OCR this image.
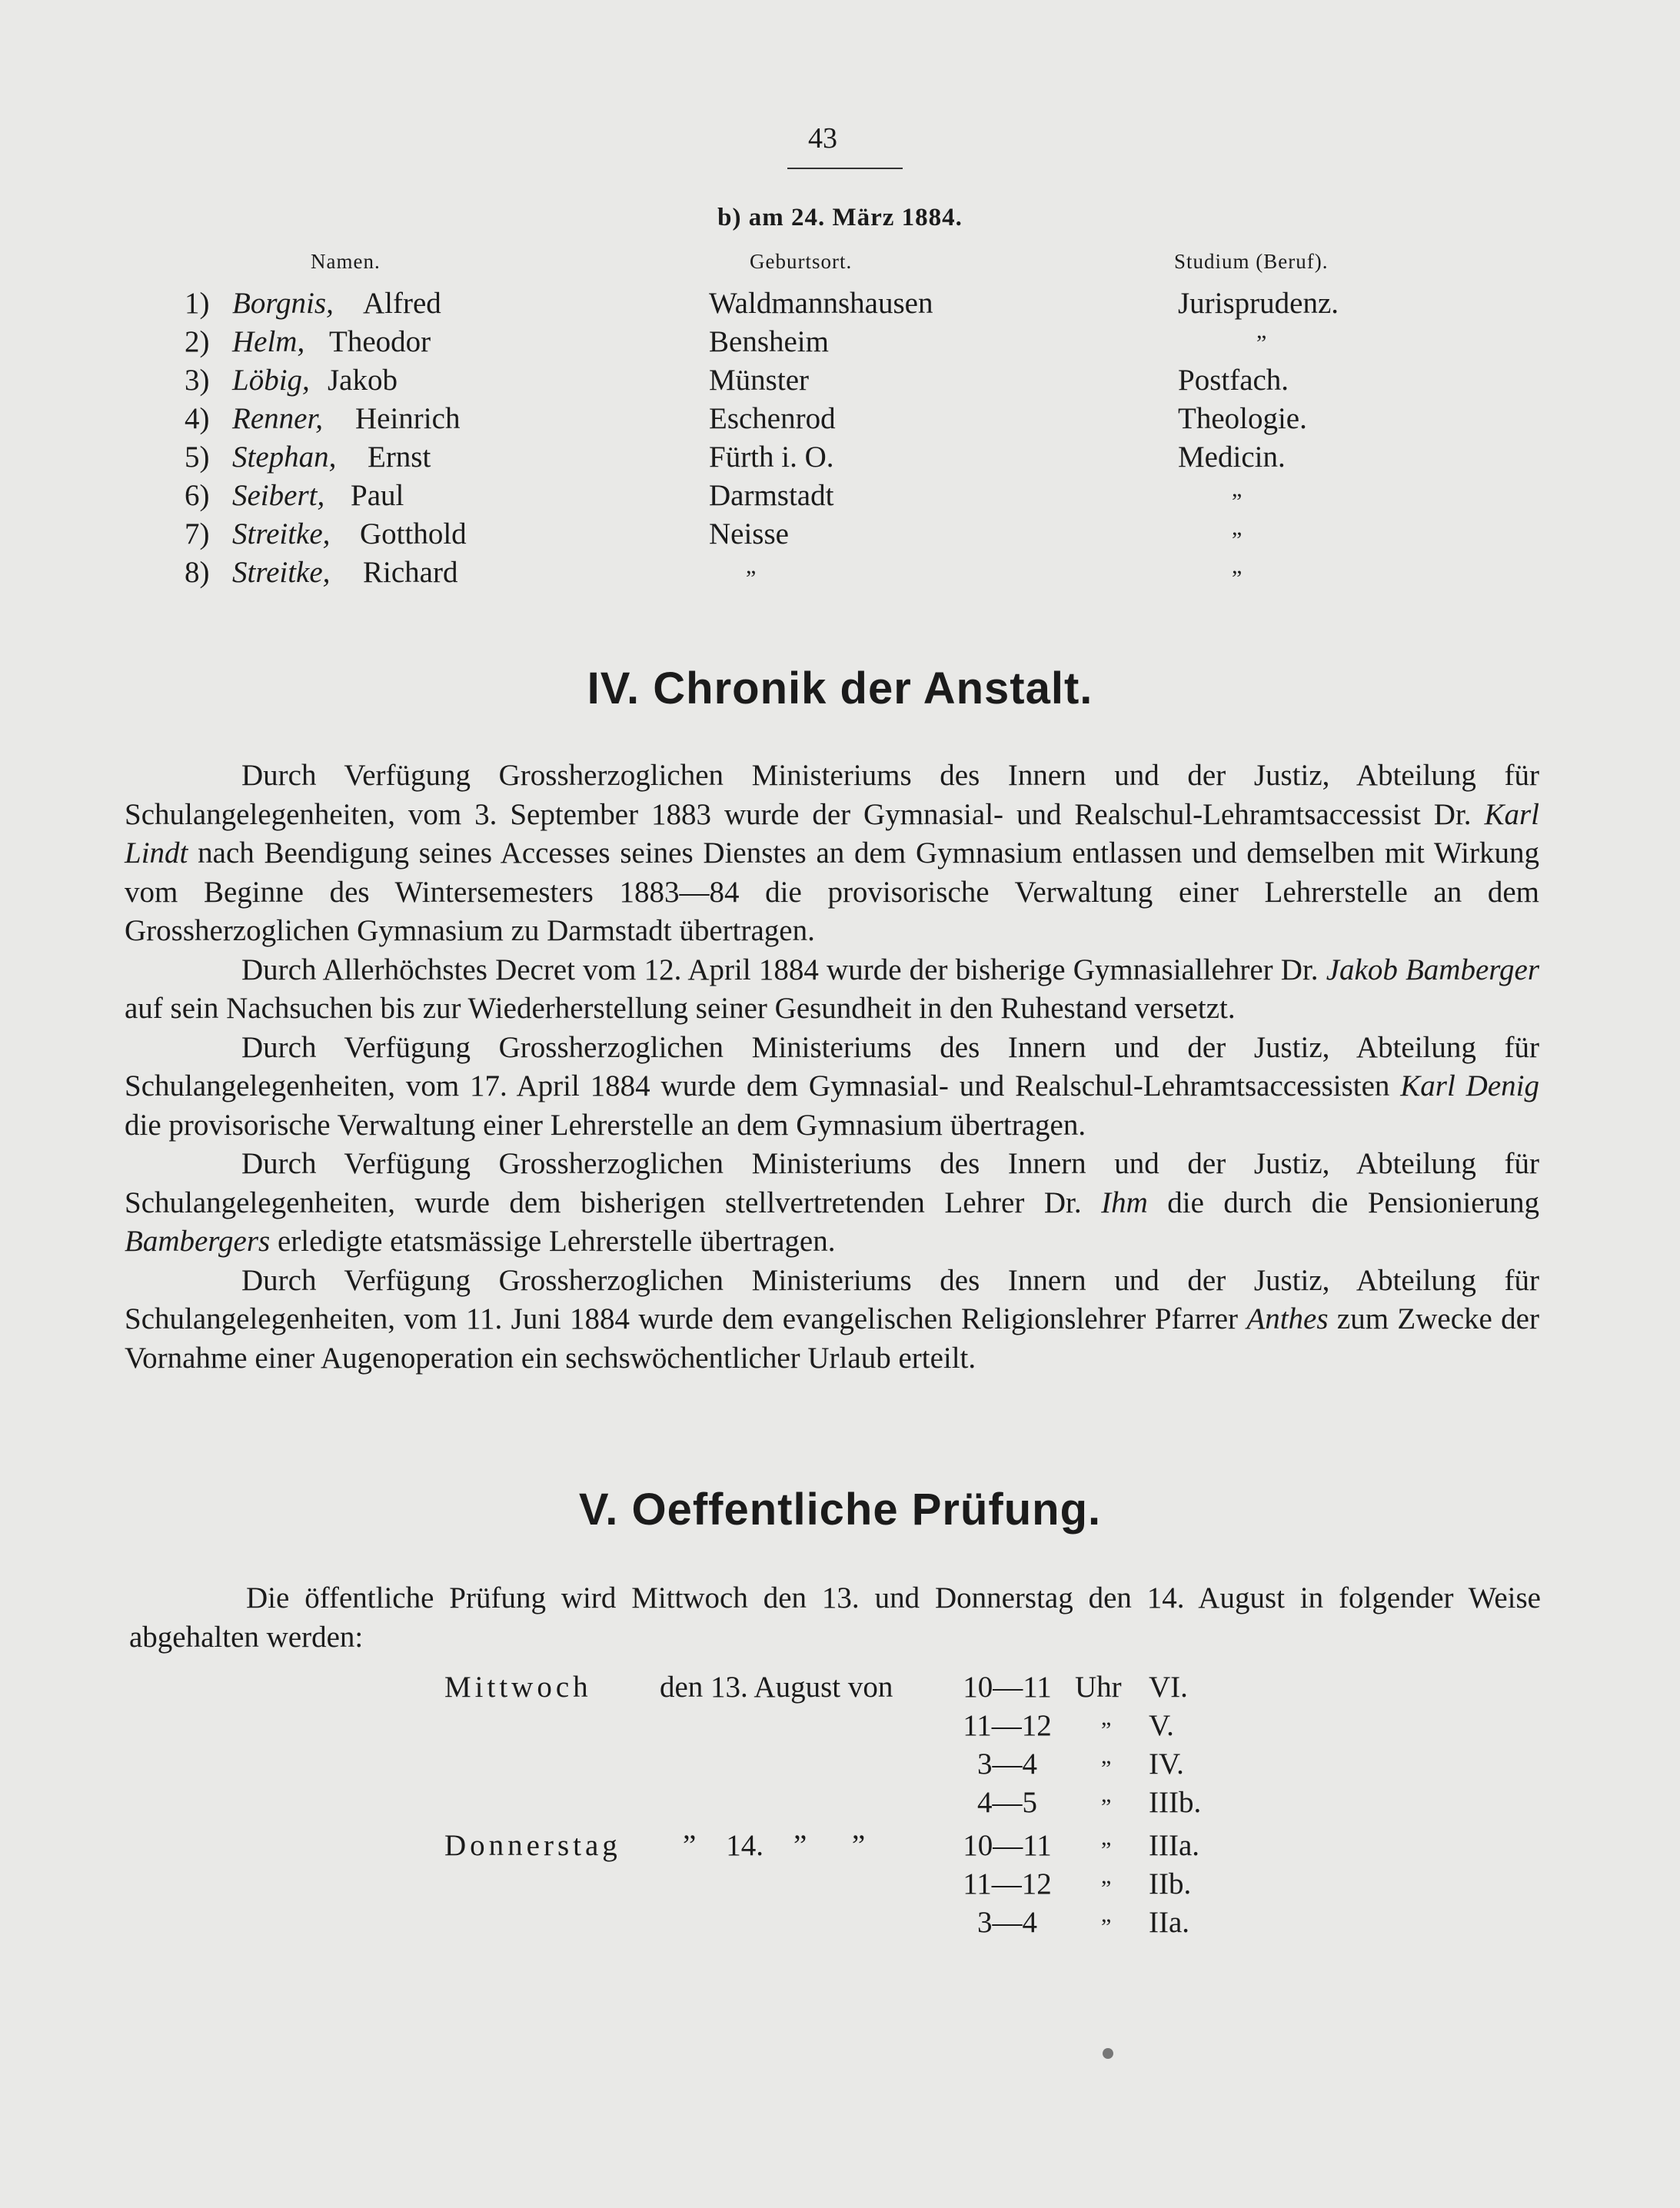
43
b) am 24. März 1884.
Namen.	Geburtsort.	Studium (Beruf).
1) Borgnis, Alfred	Waldmannshausen	Jurisprudenz.
2) Helm, Theodor	Bensheim	”
3) Löbig, Jakob	Münster	Postfach.
4) Renner, Heinrich	Eschenrod	Theologie.
5) Stephan, Ernst	Fürth i. O.	Medicin.
6) Seibert, Paul	Darmstadt	”
7) Streitke, Gotthold	Neisse	”
8) Streitke, Richard	”	”
IV. Chronik der Anstalt.

Durch Verfügung Grossherzoglichen Ministeriums des Innern und der Justiz, Abteilung für Schulangelegenheiten, vom 3. September 1883 wurde der Gymnasial- und Realschul-Lehramtsaccessist Dr. Karl Lindt nach Beendigung seines Accesses seines Dienstes an dem Gymnasium entlassen und demselben mit Wirkung vom Beginne des Wintersemesters 1883—84 die provisorische Verwaltung einer Lehrerstelle an dem Grossherzoglichen Gymnasium zu Darmstadt übertragen.

Durch Allerhöchstes Decret vom 12. April 1884 wurde der bisherige Gymnasiallehrer Dr. Jakob Bamberger auf sein Nachsuchen bis zur Wiederherstellung seiner Gesundheit in den Ruhestand versetzt.

Durch Verfügung Grossherzoglichen Ministeriums des Innern und der Justiz, Abteilung für Schulangelegenheiten, vom 17. April 1884 wurde dem Gymnasial- und Realschul-Lehramtsaccessisten Karl Denig die provisorische Verwaltung einer Lehrerstelle an dem Gymnasium übertragen.

Durch Verfügung Grossherzoglichen Ministeriums des Innern und der Justiz, Abteilung für Schulangelegenheiten, wurde dem bisherigen stellvertretenden Lehrer Dr. Ihm die durch die Pensionierung Bambergers erledigte etatsmässige Lehrerstelle übertragen.

Durch Verfügung Grossherzoglichen Ministeriums des Innern und der Justiz, Abteilung für Schulangelegenheiten, vom 11. Juni 1884 wurde dem evangelischen Religionslehrer Pfarrer Anthes zum Zwecke der Vornahme einer Augenoperation ein sechswöchentlicher Urlaub erteilt.

V. Oeffentliche Prüfung.

Die öffentliche Prüfung wird Mittwoch den 13. und Donnerstag den 14. August in folgender Weise abgehalten werden:

Mittwoch den 13. August von	10—11 Uhr VI.
11—12	” V.
3—4	” IV.
4—5	” IIIb.
Donnerstag ”    14.    ”      ”	10—11	” IIIa.
11—12	” IIb.
3—4	” IIa.
